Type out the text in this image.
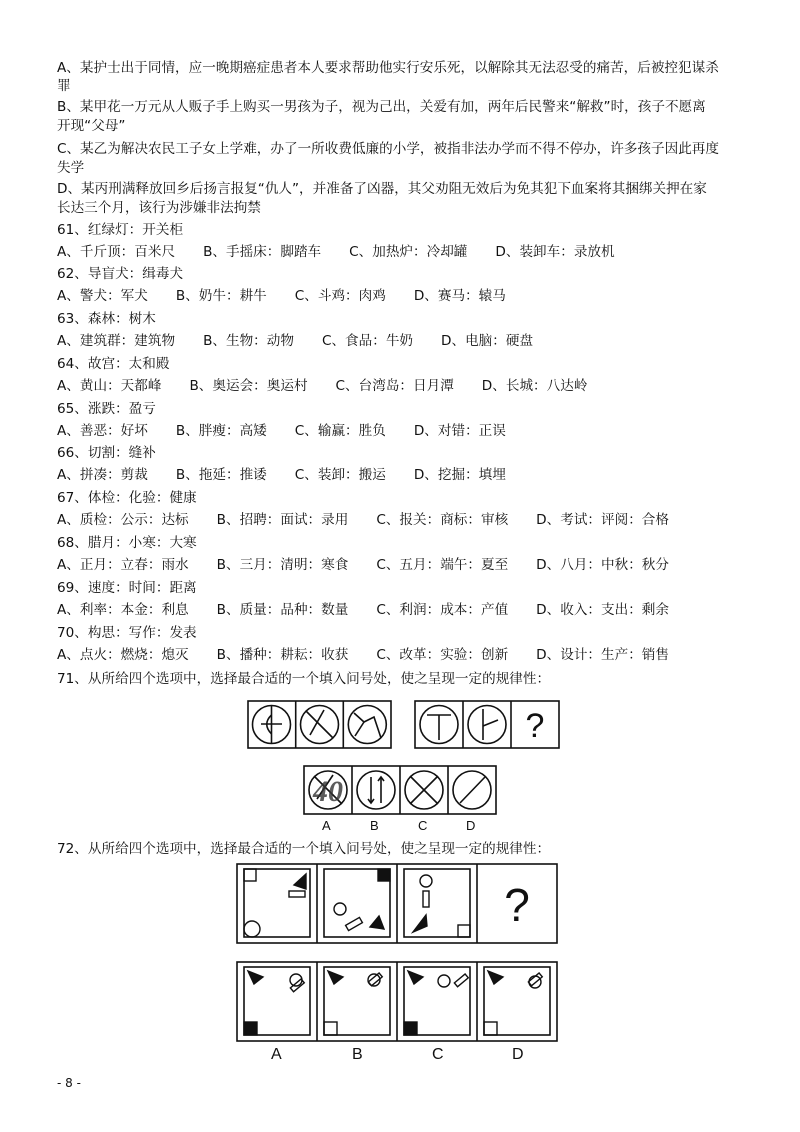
A、某护士出于同情，应一晚期癌症患者本人要求帮助他实行安乐死，以解除其无法忍受的痛苦，后被控犯谋杀
罪
B、某甲花一万元从人贩子手上购买一男孩为子，视为己出，关爱有加，两年后民警来“解救”时，孩子不愿离
开现“父母”
C、某乙为解决农民工子女上学难，办了一所收费低廉的小学，被指非法办学而不得不停办，许多孩子因此再度
失学
D、某丙刑满释放回乡后扬言报复“仇人”，并准备了凶器，其父劝阻无效后为免其犯下血案将其捆绑关押在家
长达三个月，该行为涉嫌非法拘禁
61、红绿灯：开关柜
A、千斤顶：百米尺 B、手摇床：脚踏车 C、加热炉：冷却罐 D、装卸车：录放机
62、导盲犬：缉毒犬
A、警犬：军犬 B、奶牛：耕牛 C、斗鸡：肉鸡 D、赛马：辕马
63、森林：树木
A、建筑群：建筑物 B、生物：动物 C、食品：牛奶 D、电脑：硬盘
64、故宫：太和殿
A、黄山：天都峰 B、奥运会：奥运村 C、台湾岛：日月潭 D、长城：八达岭
65、涨跌：盈亏
A、善恶：好坏 B、胖瘦：高矮 C、输赢：胜负 D、对错：正误
66、切割：缝补
A、拼凑：剪裁 B、拖延：推诿 C、装卸：搬运 D、挖掘：填埋
67、体检：化验：健康
A、质检：公示：达标 B、招聘：面试：录用 C、报关：商标：审核 D、考试：评阅：合格
68、腊月：小寒：大寒
A、正月：立春：雨水 B、三月：清明：寒食 C、五月：端午：夏至 D、八月：中秋：秋分
69、速度：时间：距离
A、利率：本金：利息 B、质量：品种：数量 C、利润：成本：产值 D、收入：支出：剩余
70、构思：写作：发表
A、点火：燃烧：熄灭 B、播种：耕耘：收获 C、改革：实验：创新 D、设计：生产：销售
71、从所给四个选项中，选择最合适的一个填入问号处，使之呈现一定的规律性：
?
40
A	B	C	D
72、从所给四个选项中，选择最合适的一个填入问号处，使之呈现一定的规律性：
?
A	B	C	D
- 8 -
